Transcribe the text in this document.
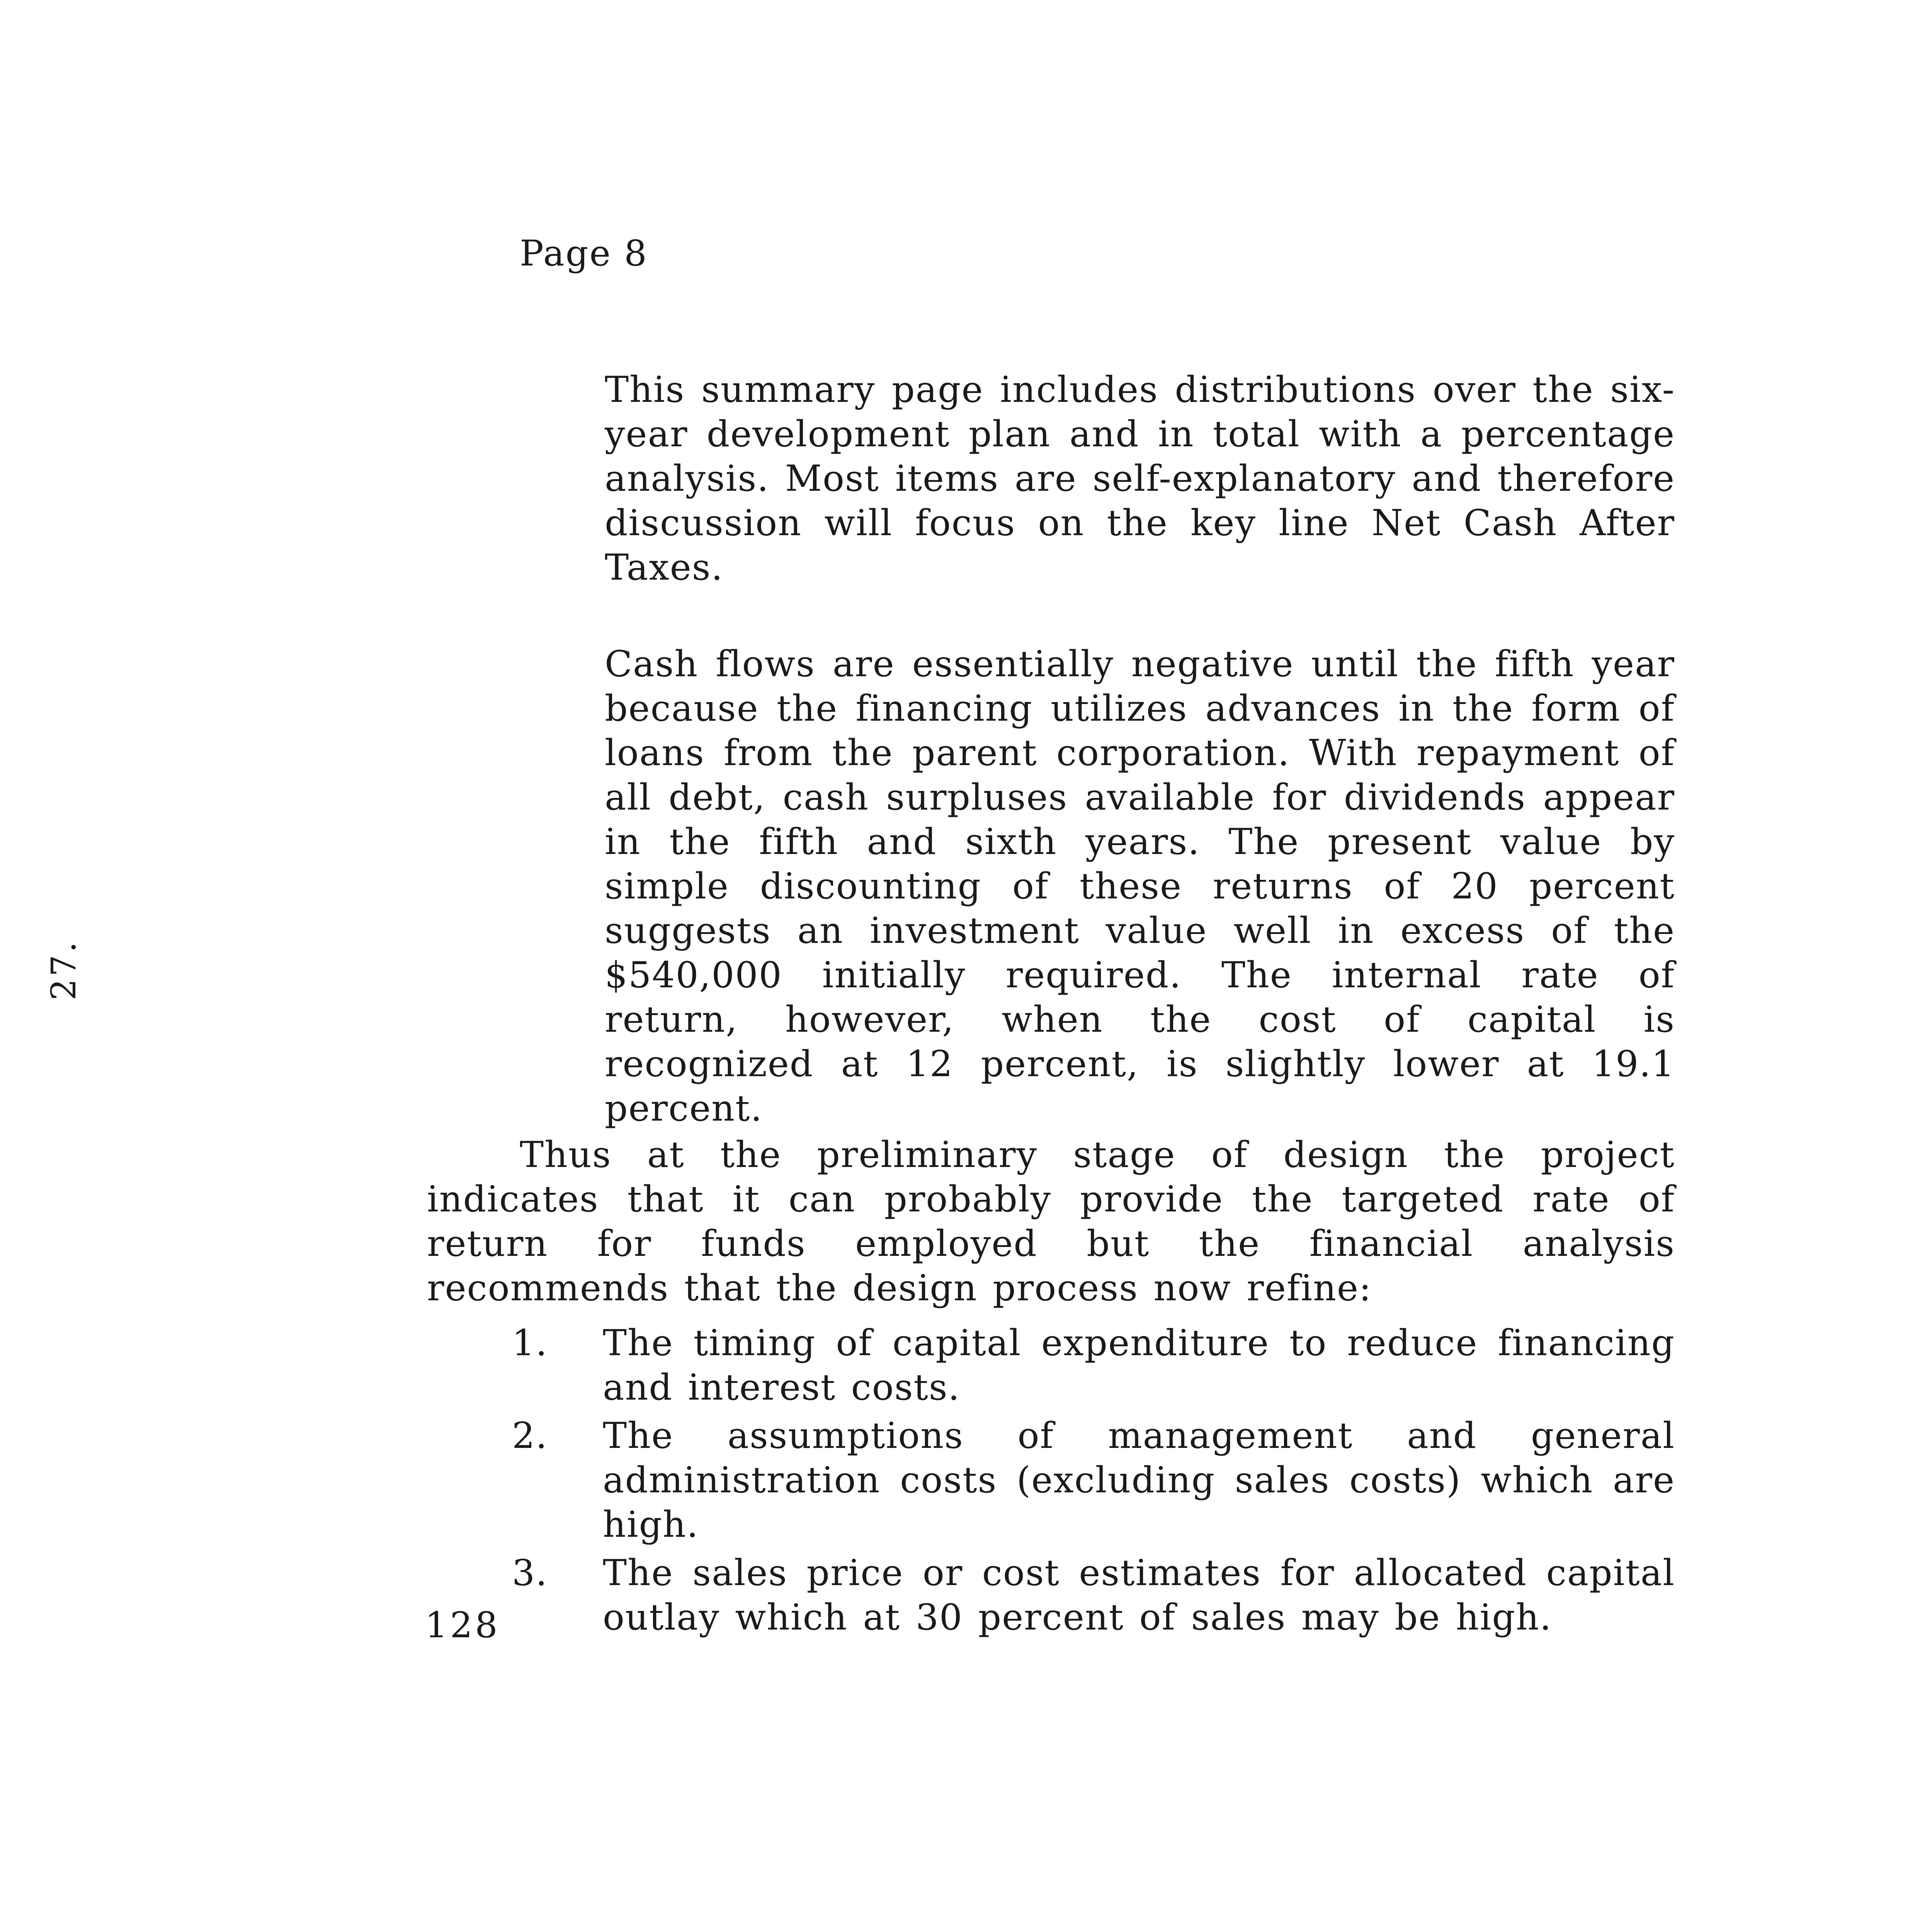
Page 8
27.

This summary page includes distributions over the six-year development plan and in total with a percentage analysis. Most items are self-explanatory and therefore discussion will focus on the key line Net Cash After Taxes.

Cash flows are essentially negative until the fifth year because the financing utilizes advances in the form of loans from the parent corporation. With repayment of all debt, cash surpluses available for dividends appear in the fifth and sixth years. The present value by simple discounting of these returns of 20 percent suggests an investment value well in excess of the $540,000 initially required. The internal rate of return, however, when the cost of capital is recognized at 12 percent, is slightly lower at 19.1 percent.

Thus at the preliminary stage of design the project indicates that it can probably provide the targeted rate of return for funds employed but the financial analysis recommends that the design process now refine:

1.	The timing of capital expenditure to reduce financing and interest costs.
2.	The assumptions of management and general administration costs (excluding sales costs) which are high.
3.	The sales price or cost estimates for allocated capital outlay which at 30 percent of sales may be high.
128
